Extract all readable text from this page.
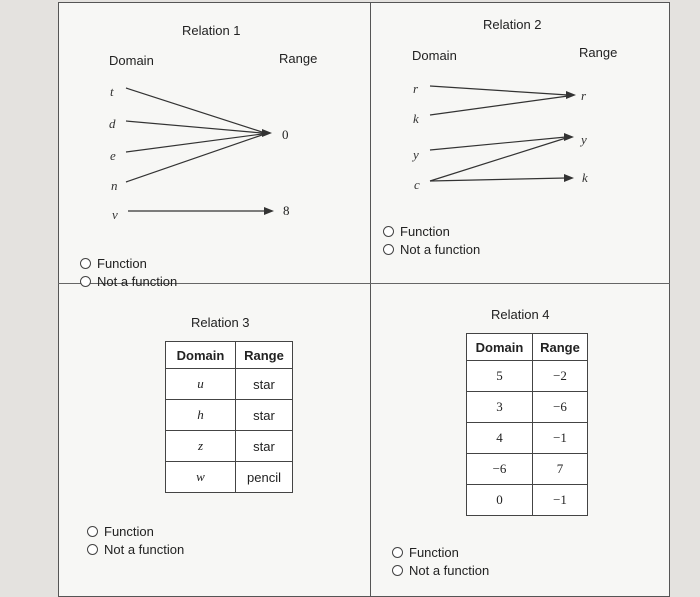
Relation 1
Domain	Range
t
d
e
n
v
0
8
Function
Not a function
Relation 2
Domain	Range
r
k
y
c
r
y
k
Function
Not a function
Relation 3
Domain	Range
u	star
h	star
z	star
w	pencil
Function
Not a function
Relation 4
Domain	Range
5	−2
3	−6
4	−1
−6	7
0	−1
Function
Not a function
